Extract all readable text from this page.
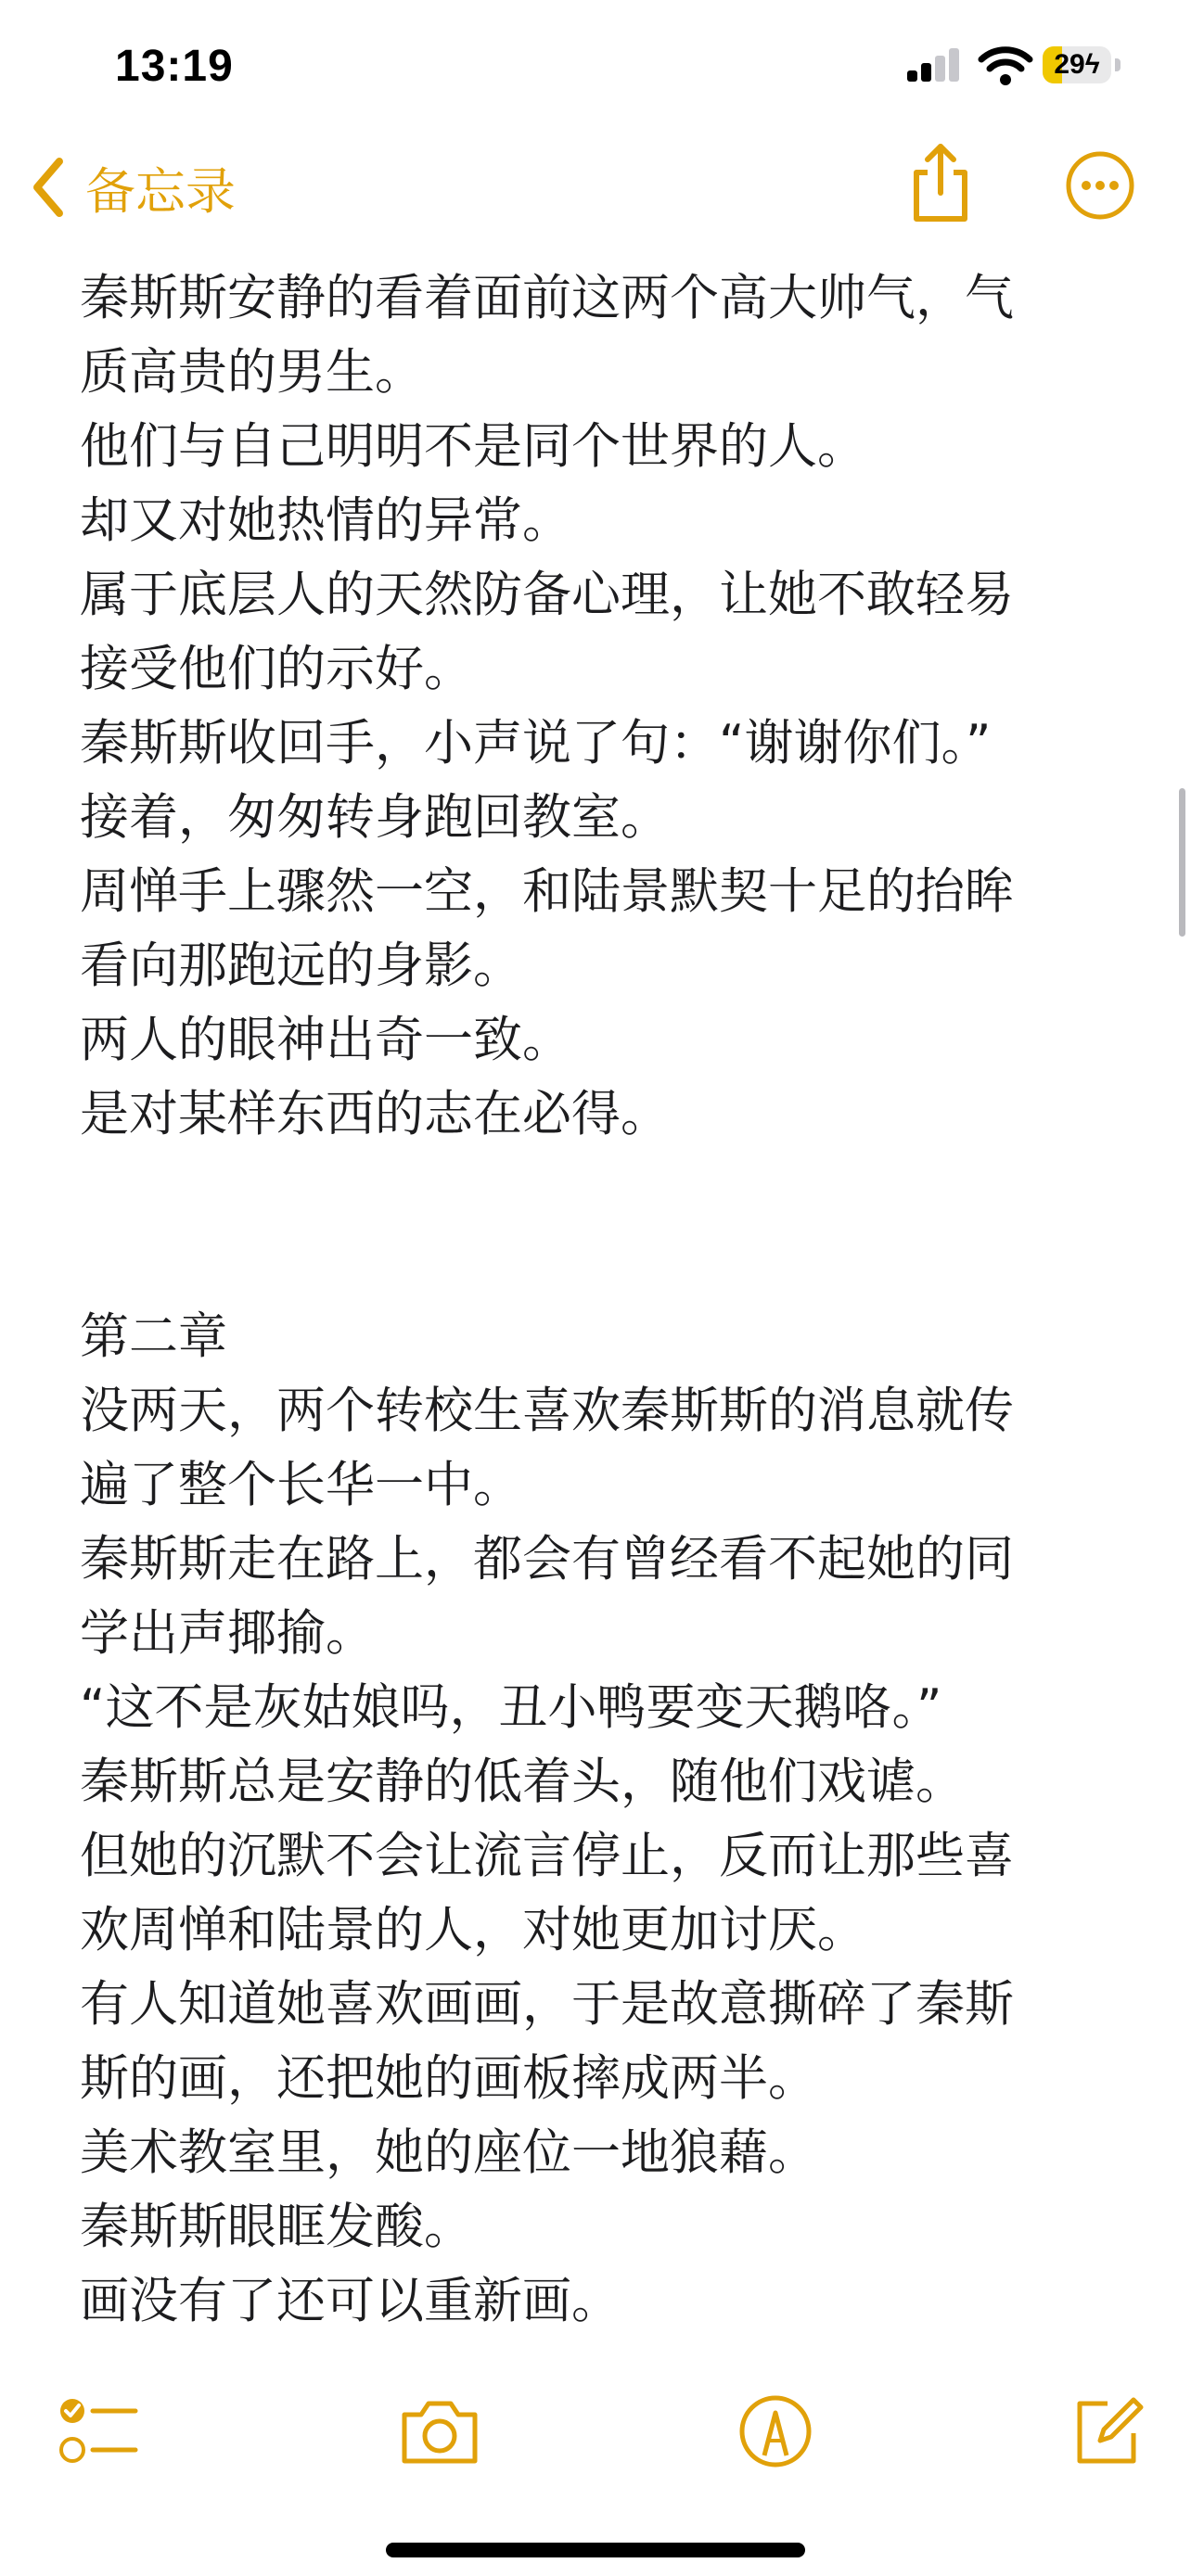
13:19	29ϟ
备忘录
秦斯斯安静的看着面前这两个高大帅气，气
质高贵的男生。
他们与自己明明不是同个世界的人。
却又对她热情的异常。
属于底层人的天然防备心理，让她不敢轻易
接受他们的示好。
秦斯斯收回手，小声说了句：“谢谢你们。”
接着，匆匆转身跑回教室。
周惮手上骤然一空，和陆景默契十足的抬眸
看向那跑远的身影。
两人的眼神出奇一致。
是对某样东西的志在必得。
第二章
没两天，两个转校生喜欢秦斯斯的消息就传
遍了整个长华一中。
秦斯斯走在路上，都会有曾经看不起她的同
学出声揶揄。
“这不是灰姑娘吗，丑小鸭要变天鹅咯。”
秦斯斯总是安静的低着头，随他们戏谑。
但她的沉默不会让流言停止，反而让那些喜
欢周惮和陆景的人，对她更加讨厌。
有人知道她喜欢画画，于是故意撕碎了秦斯
斯的画，还把她的画板摔成两半。
美术教室里，她的座位一地狼藉。
秦斯斯眼眶发酸。
画没有了还可以重新画。
